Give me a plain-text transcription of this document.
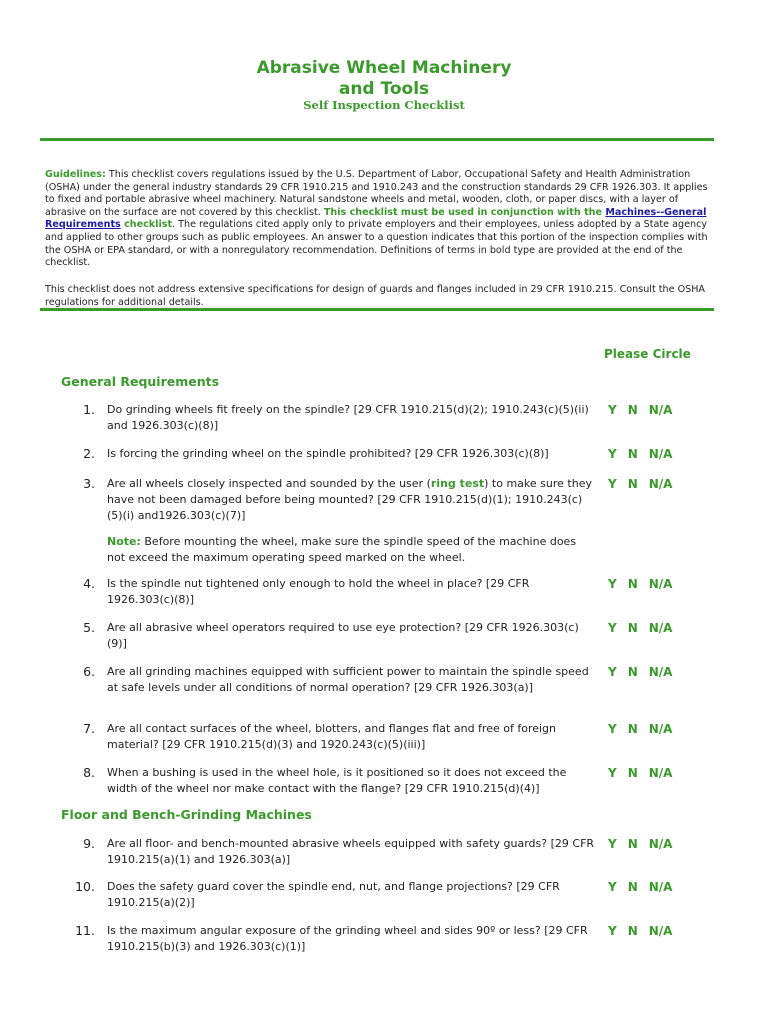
Abrasive Wheel Machinery
and Tools
Self Inspection Checklist
Guidelines: This checklist covers regulations issued by the U.S. Department of Labor, Occupational Safety and Health Administration (OSHA) under the general industry standards 29 CFR 1910.215 and 1910.243 and the construction standards 29 CFR 1926.303. It applies to fixed and portable abrasive wheel machinery. Natural sandstone wheels and metal, wooden, cloth, or paper discs, with a layer of abrasive on the surface are not covered by this checklist. This checklist must be used in conjunction with the Machines--General Requirements checklist. The regulations cited apply only to private employers and their employees, unless adopted by a State agency and applied to other groups such as public employees. An answer to a question indicates that this portion of the inspection complies with the OSHA or EPA standard, or with a nonregulatory recommendation. Definitions of terms in bold type are provided at the end of the checklist.
This checklist does not address extensive specifications for design of guards and flanges included in 29 CFR 1910.215. Consult the OSHA regulations for additional details.
Please Circle
General Requirements
1. Do grinding wheels fit freely on the spindle? [29 CFR 1910.215(d)(2); 1910.243(c)(5)(ii) and 1926.303(c)(8)]
Y N N/A
2. Is forcing the grinding wheel on the spindle prohibited? [29 CFR 1926.303(c)(8)]	Y N N/A
3. Are all wheels closely inspected and sounded by the user (ring test) to make sure they have not been damaged before being mounted? [29 CFR 1910.215(d)(1); 1910.243(c)(5)(i) and1926.303(c)(7)]
Y N N/A
Note: Before mounting the wheel, make sure the spindle speed of the machine does not exceed the maximum operating speed marked on the wheel.
4. Is the spindle nut tightened only enough to hold the wheel in place? [29 CFR 1926.303(c)(8)]
Y N N/A
5. Are all abrasive wheel operators required to use eye protection? [29 CFR 1926.303(c)(9)]
Y N N/A
6. Are all grinding machines equipped with sufficient power to maintain the spindle speed at safe levels under all conditions of normal operation? [29 CFR 1926.303(a)]
Y N N/A
7. Are all contact surfaces of the wheel, blotters, and flanges flat and free of foreign material? [29 CFR 1910.215(d)(3) and 1920.243(c)(5)(iii)]
Y N N/A
8. When a bushing is used in the wheel hole, is it positioned so it does not exceed the width of the wheel nor make contact with the flange? [29 CFR 1910.215(d)(4)]
Y N N/A
Floor and Bench-Grinding Machines
9. Are all floor- and bench-mounted abrasive wheels equipped with safety guards? [29 CFR 1910.215(a)(1) and 1926.303(a)]
Y N N/A
10. Does the safety guard cover the spindle end, nut, and flange projections? [29 CFR 1910.215(a)(2)]
Y N N/A
11. Is the maximum angular exposure of the grinding wheel and sides 90º or less? [29 CFR 1910.215(b)(3) and 1926.303(c)(1)]
Y N N/A
